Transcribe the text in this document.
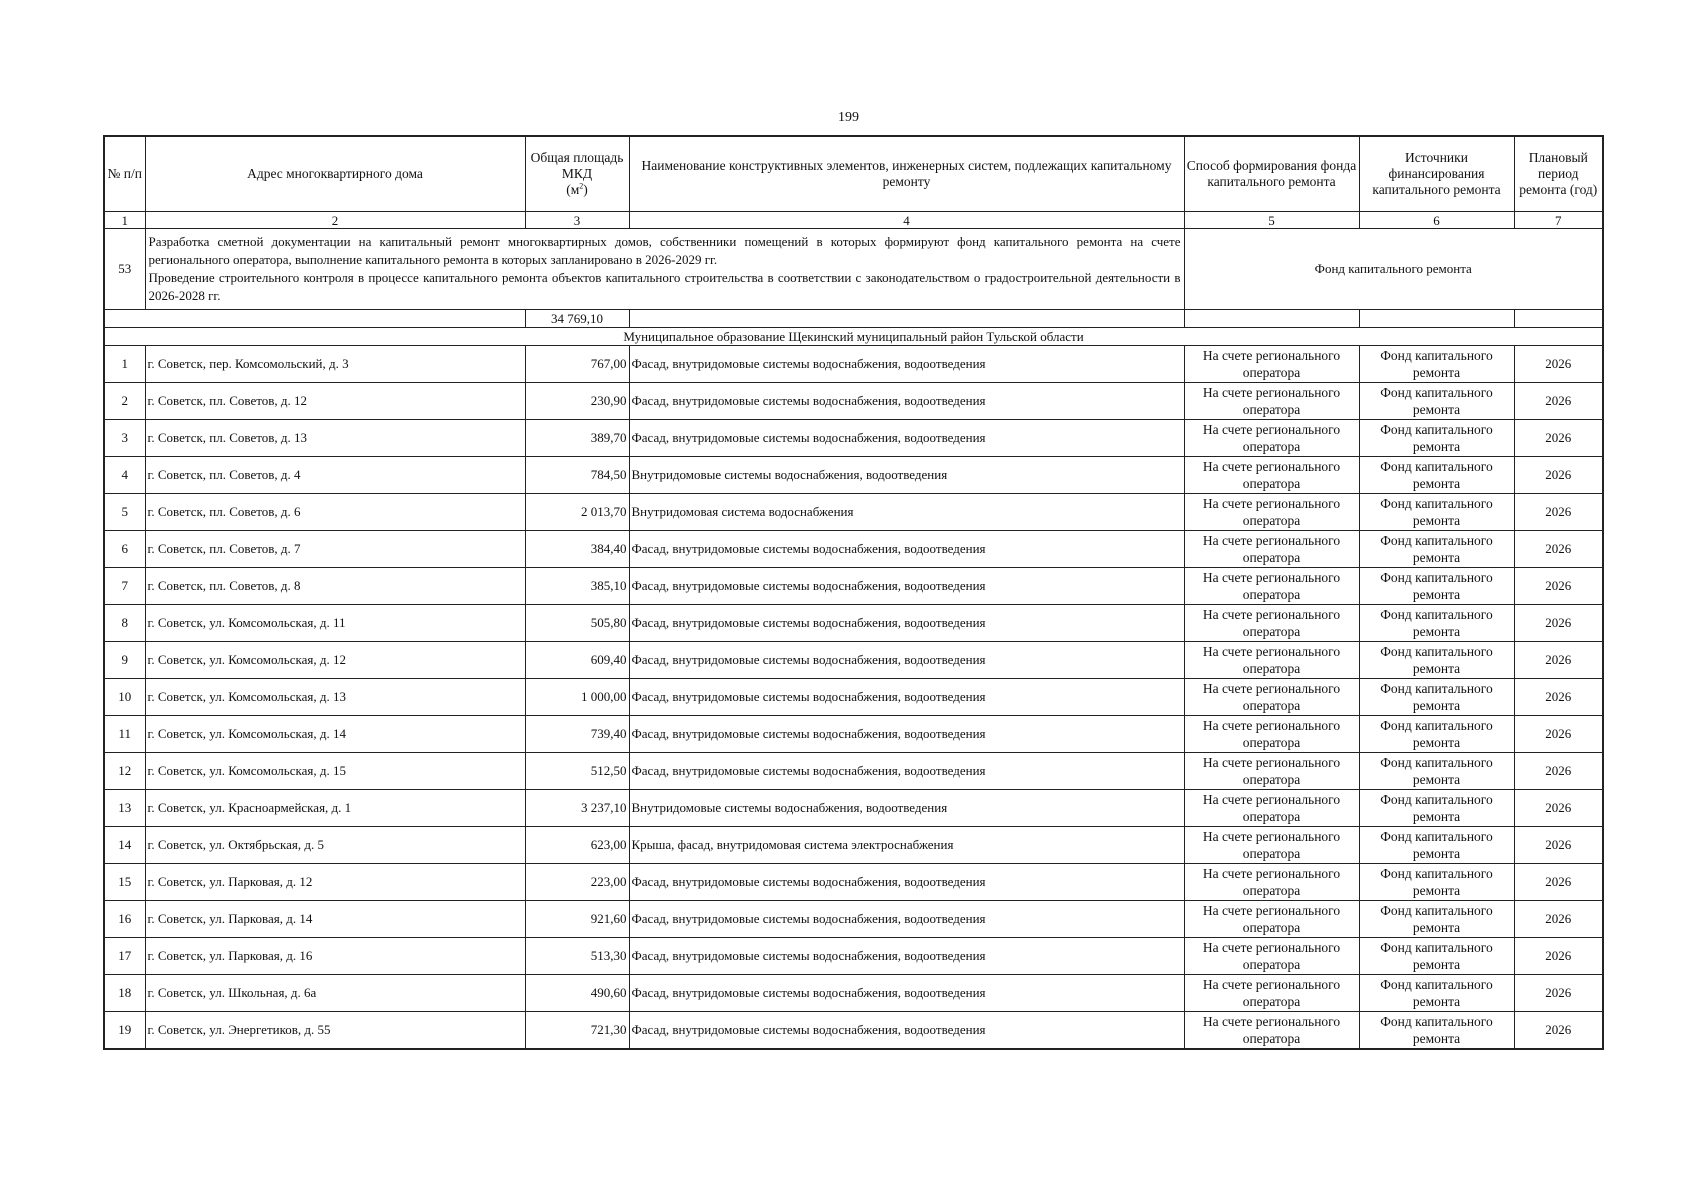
199
№ п/п	Адрес многоквартирного дома	Общая площадь МКД
$(м^2)$	Наименование конструктивных элементов, инженерных систем, подлежащих капитальному ремонту	Способ формирования фонда капитального ремонта	Источники финансирования капитального ремонта	Плановый период ремонта (год)
1	2	3	4	5	6	7
53	Разработка сметной документации на капитальный ремонт многоквартирных домов, собственники помещений в которых формируют фонд капитального ремонта на счете регионального оператора, выполнение капитального ремонта в которых запланировано в 2026-2029 гг.
Проведение строительного контроля в процессе капитального ремонта объектов капитального строительства в соответствии с законодательством о градостроительной деятельности в 2026-2028 гг.			Фонд капитального ремонта		
		34 769,10				
Муниципальное образование Щекинский муниципальный район Тульской области						
1	г. Советск, пер. Комсомольский, д. 3	767,00	Фасад, внутридомовые системы водоснабжения, водоотведения	На счете регионального оператора	Фонд капитального ремонта	2026
2	г. Советск, пл. Советов, д. 12	230,90	Фасад, внутридомовые системы водоснабжения, водоотведения	На счете регионального оператора	Фонд капитального ремонта	2026
3	г. Советск, пл. Советов, д. 13	389,70	Фасад, внутридомовые системы водоснабжения, водоотведения	На счете регионального оператора	Фонд капитального ремонта	2026
4	г. Советск, пл. Советов, д. 4	784,50	Внутридомовые системы водоснабжения, водоотведения	На счете регионального оператора	Фонд капитального ремонта	2026
5	г. Советск, пл. Советов, д. 6	2 013,70	Внутридомовая система водоснабжения	На счете регионального оператора	Фонд капитального ремонта	2026
6	г. Советск, пл. Советов, д. 7	384,40	Фасад, внутридомовые системы водоснабжения, водоотведения	На счете регионального оператора	Фонд капитального ремонта	2026
7	г. Советск, пл. Советов, д. 8	385,10	Фасад, внутридомовые системы водоснабжения, водоотведения	На счете регионального оператора	Фонд капитального ремонта	2026
8	г. Советск, ул. Комсомольская, д. 11	505,80	Фасад, внутридомовые системы водоснабжения, водоотведения	На счете регионального оператора	Фонд капитального ремонта	2026
9	г. Советск, ул. Комсомольская, д. 12	609,40	Фасад, внутридомовые системы водоснабжения, водоотведения	На счете регионального оператора	Фонд капитального ремонта	2026
10	г. Советск, ул. Комсомольская, д. 13	1 000,00	Фасад, внутридомовые системы водоснабжения, водоотведения	На счете регионального оператора	Фонд капитального ремонта	2026
11	г. Советск, ул. Комсомольская, д. 14	739,40	Фасад, внутридомовые системы водоснабжения, водоотведения	На счете регионального оператора	Фонд капитального ремонта	2026
12	г. Советск, ул. Комсомольская, д. 15	512,50	Фасад, внутридомовые системы водоснабжения, водоотведения	На счете регионального оператора	Фонд капитального ремонта	2026
13	г. Советск, ул. Красноармейская, д. 1	3 237,10	Внутридомовые системы водоснабжения, водоотведения	На счете регионального оператора	Фонд капитального ремонта	2026
14	г. Советск, ул. Октябрьская, д. 5	623,00	Крыша, фасад, внутридомовая система электроснабжения	На счете регионального оператора	Фонд капитального ремонта	2026
15	г. Советск, ул. Парковая, д. 12	223,00	Фасад, внутридомовые системы водоснабжения, водоотведения	На счете регионального оператора	Фонд капитального ремонта	2026
16	г. Советск, ул. Парковая, д. 14	921,60	Фасад, внутридомовые системы водоснабжения, водоотведения	На счете регионального оператора	Фонд капитального ремонта	2026
17	г. Советск, ул. Парковая, д. 16	513,30	Фасад, внутридомовые системы водоснабжения, водоотведения	На счете регионального оператора	Фонд капитального ремонта	2026
18	г. Советск, ул. Школьная, д. 6а	490,60	Фасад, внутридомовые системы водоснабжения, водоотведения	На счете регионального оператора	Фонд капитального ремонта	2026
19	г. Советск, ул. Энергетиков, д. 55	721,30	Фасад, внутридомовые системы водоснабжения, водоотведения	На счете регионального оператора	Фонд капитального ремонта	2026
